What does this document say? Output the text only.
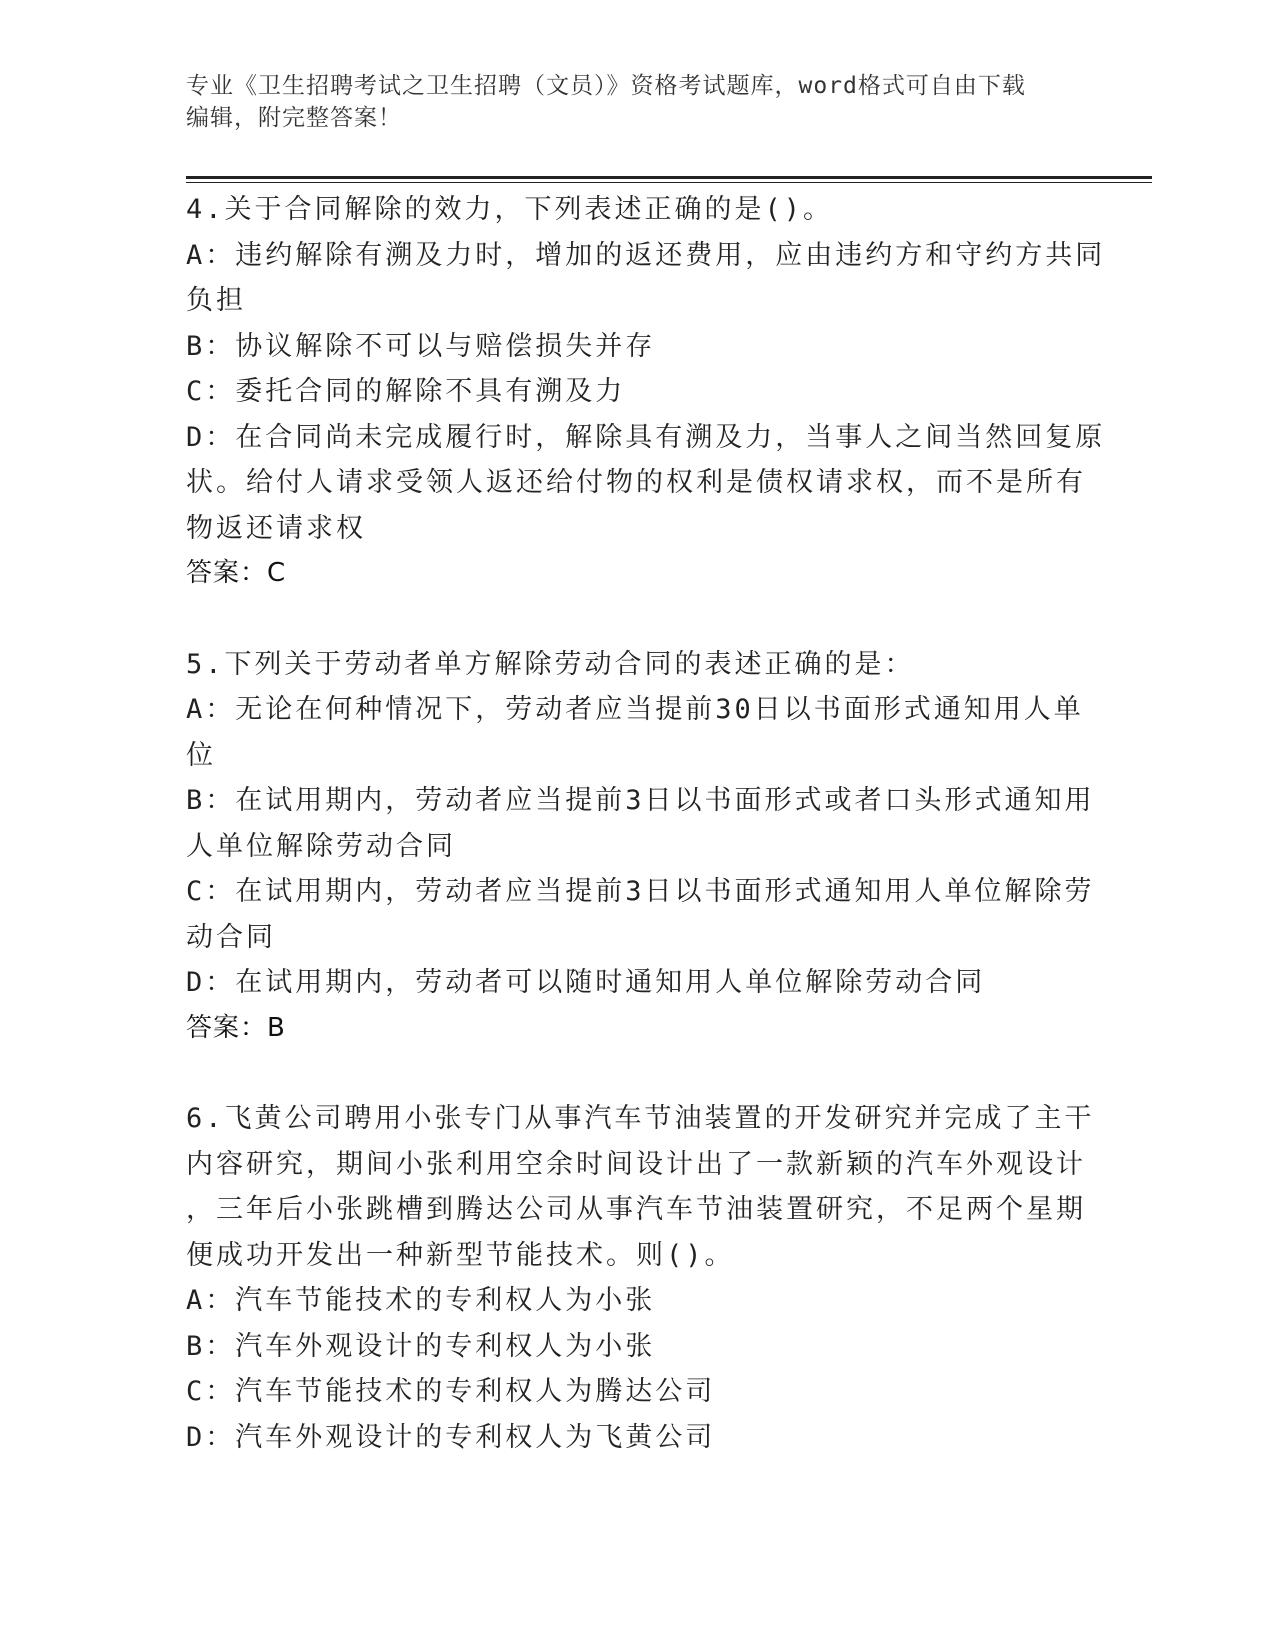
专业《卫生招聘考试之卫生招聘（文员）》资格考试题库，word格式可自由下载
编辑，附完整答案！
4.关于合同解除的效力，下列表述正确的是()。
A：违约解除有溯及力时，增加的返还费用，应由违约方和守约方共同
负担
B：协议解除不可以与赔偿损失并存
C：委托合同的解除不具有溯及力
D：在合同尚未完成履行时，解除具有溯及力，当事人之间当然回复原
状。给付人请求受领人返还给付物的权利是债权请求权，而不是所有
物返还请求权
答案：C
5.下列关于劳动者单方解除劳动合同的表述正确的是：
A：无论在何种情况下，劳动者应当提前30日以书面形式通知用人单
位
B：在试用期内，劳动者应当提前3日以书面形式或者口头形式通知用
人单位解除劳动合同
C：在试用期内，劳动者应当提前3日以书面形式通知用人单位解除劳
动合同
D：在试用期内，劳动者可以随时通知用人单位解除劳动合同
答案：B
6.飞黄公司聘用小张专门从事汽车节油装置的开发研究并完成了主干
内容研究，期间小张利用空余时间设计出了一款新颖的汽车外观设计
，三年后小张跳槽到腾达公司从事汽车节油装置研究，不足两个星期
便成功开发出一种新型节能技术。则()。
A：汽车节能技术的专利权人为小张
B：汽车外观设计的专利权人为小张
C：汽车节能技术的专利权人为腾达公司
D：汽车外观设计的专利权人为飞黄公司
